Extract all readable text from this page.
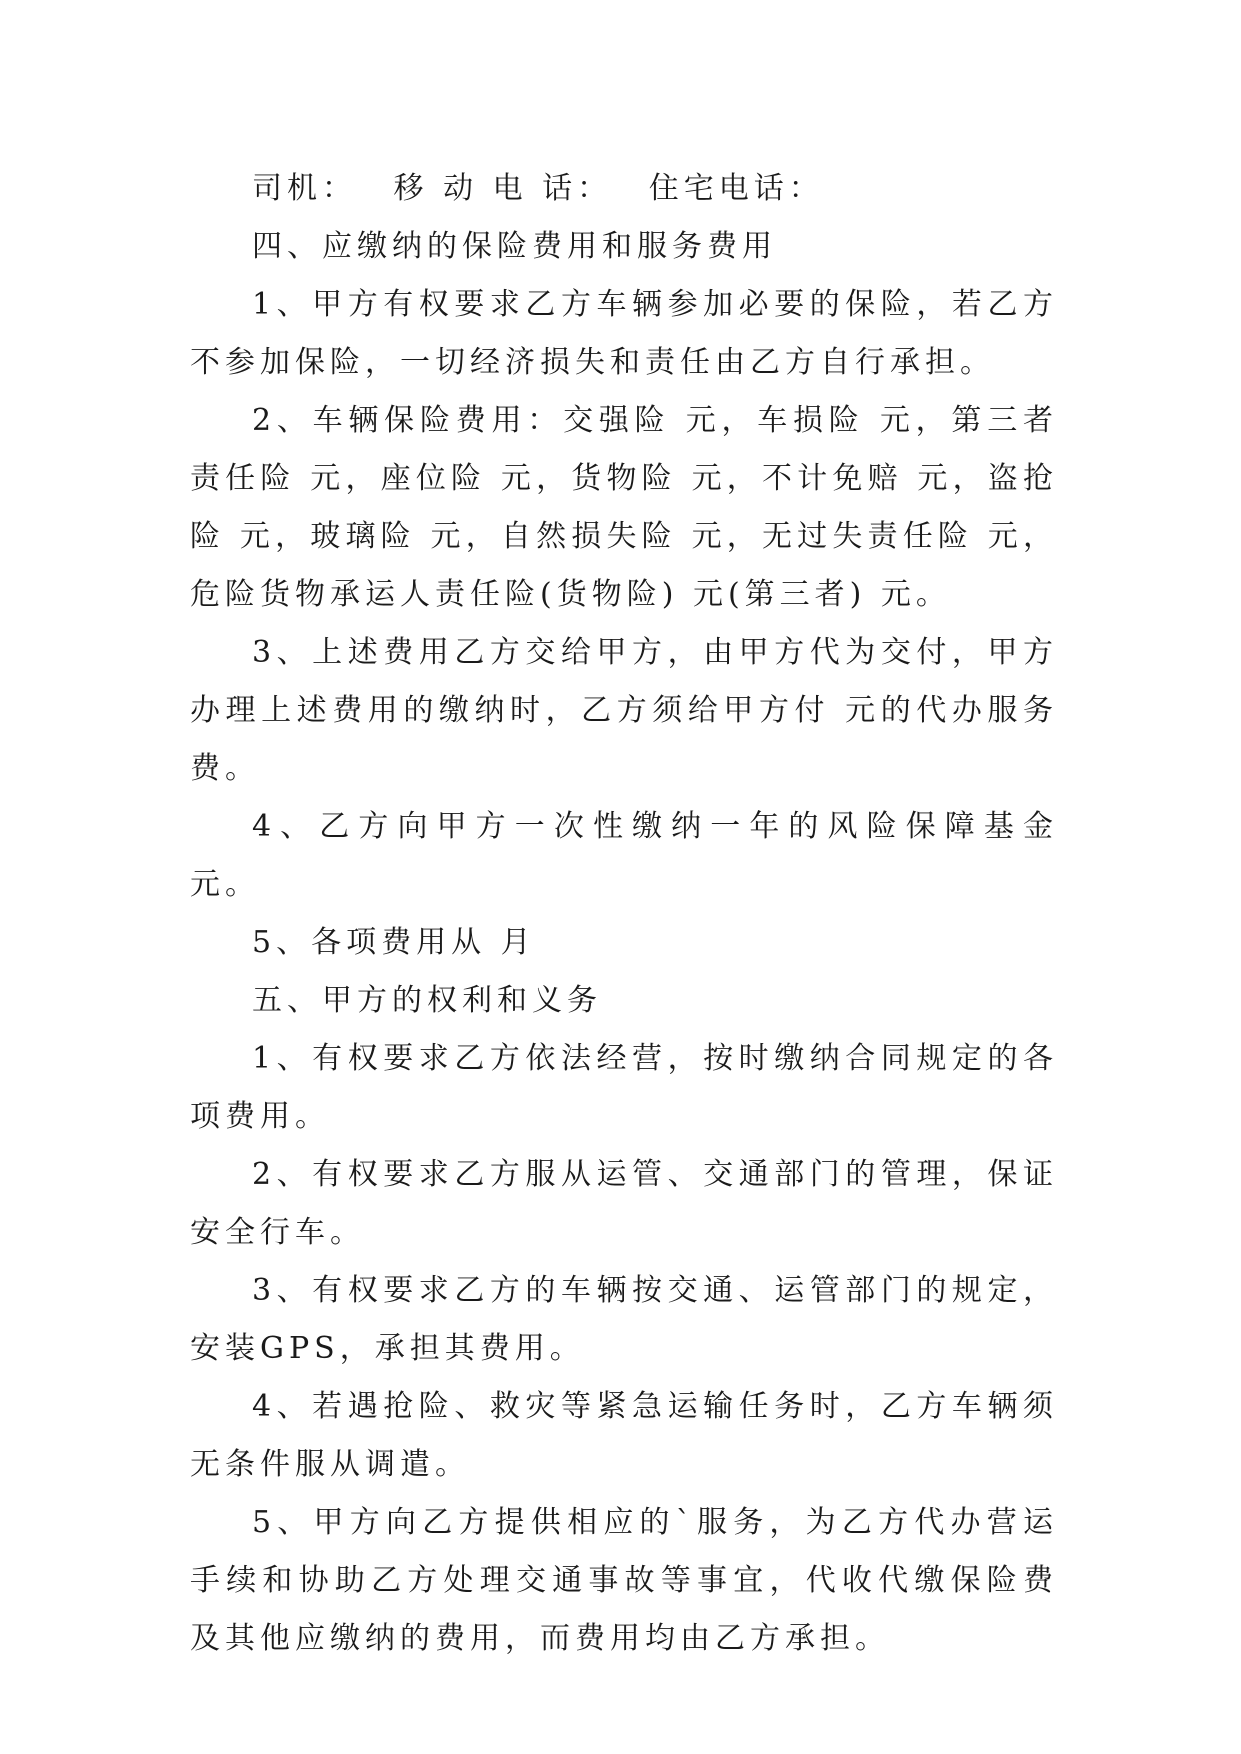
司机： 移 动 电 话： 住宅电话：

四、应缴纳的保险费用和服务费用

1、甲方有权要求乙方车辆参加必要的保险，若乙方不参加保险，一切经济损失和责任由乙方自行承担。

2、车辆保险费用：交强险 元，车损险 元，第三者责任险 元，座位险 元，货物险 元，不计免赔 元，盗抢险 元，玻璃险 元，自然损失险 元，无过失责任险 元，危险货物承运人责任险(货物险) 元(第三者) 元。

3、上述费用乙方交给甲方，由甲方代为交付，甲方办理上述费用的缴纳时，乙方须给甲方付 元的代办服务费。

4、乙方向甲方一次性缴纳一年的风险保障基金 元。

5、各项费用从 月

五、甲方的权利和义务

1、有权要求乙方依法经营，按时缴纳合同规定的各项费用。

2、有权要求乙方服从运管、交通部门的管理，保证安全行车。

3、有权要求乙方的车辆按交通、运管部门的规定，安装GPS，承担其费用。

4、若遇抢险、救灾等紧急运输任务时，乙方车辆须无条件服从调遣。

5、甲方向乙方提供相应的`服务，为乙方代办营运手续和协助乙方处理交通事故等事宜，代收代缴保险费及其他应缴纳的费用，而费用均由乙方承担。
